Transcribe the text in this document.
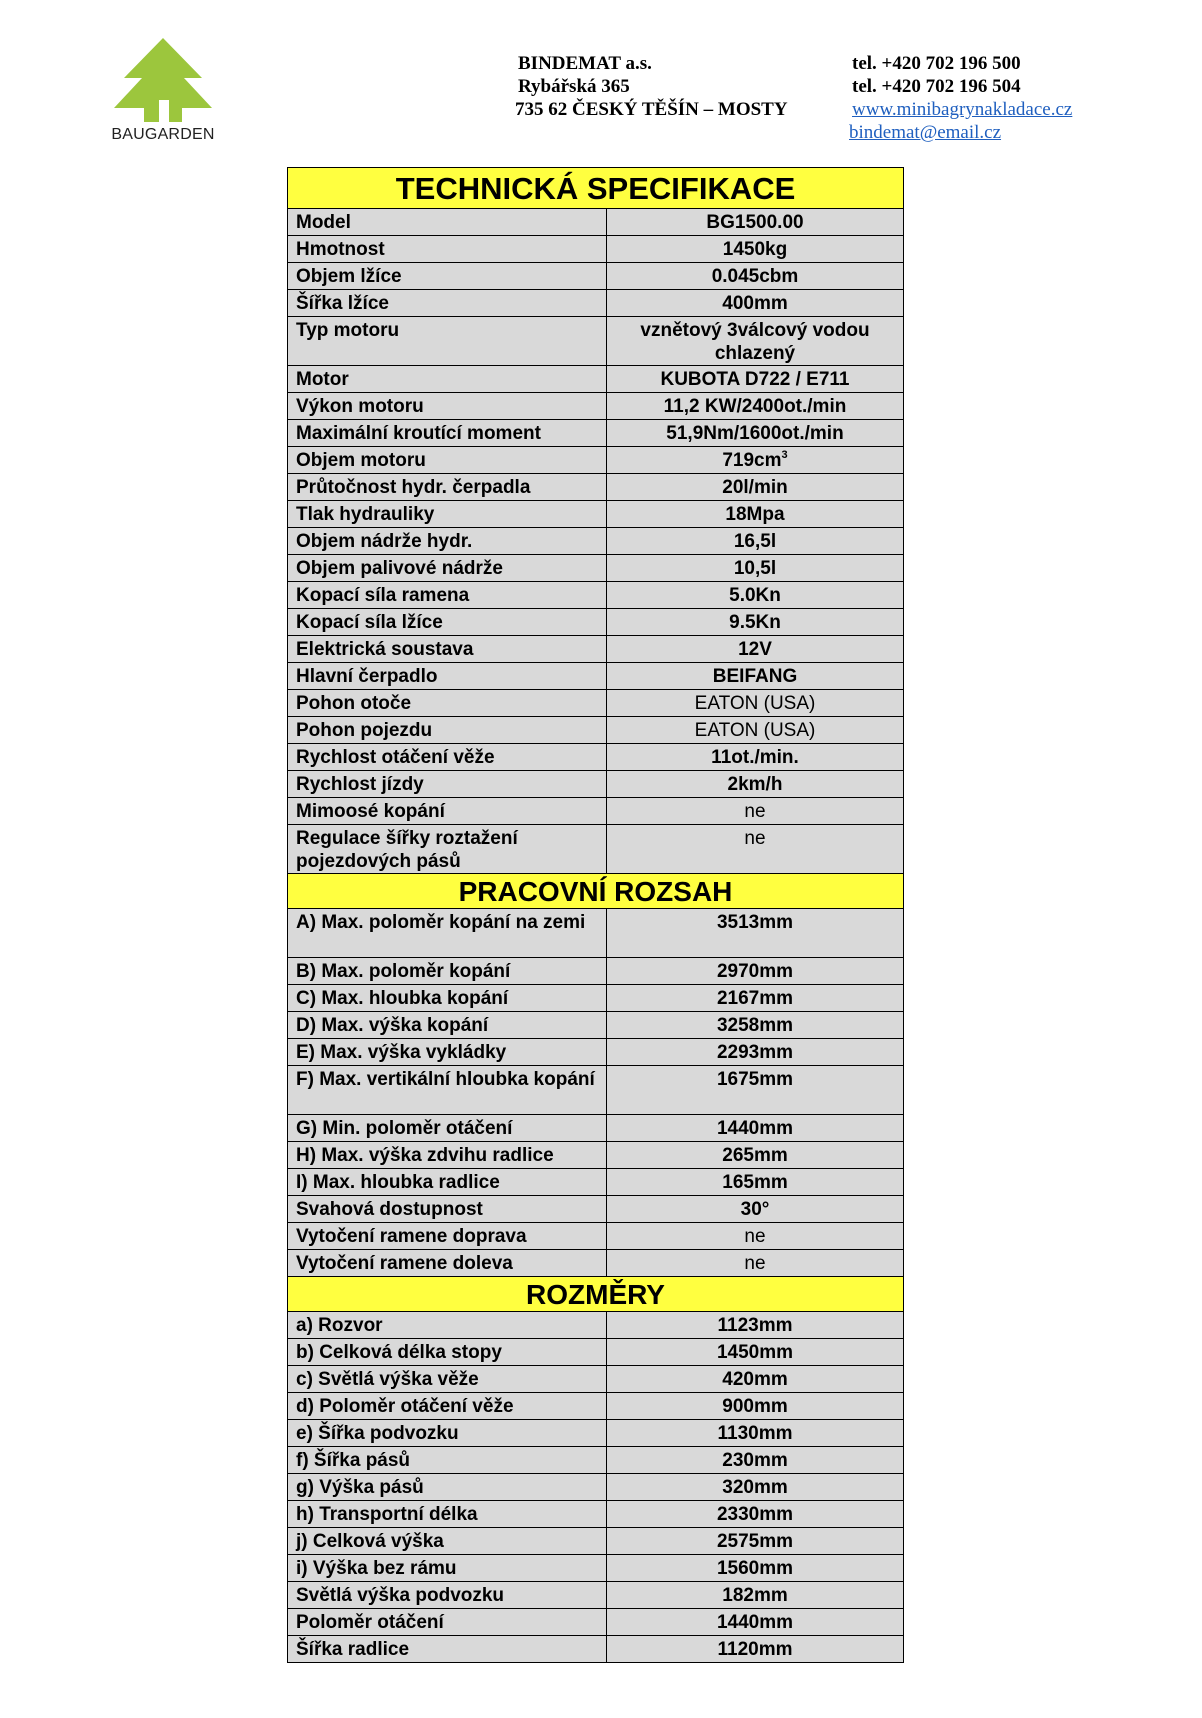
BAUGARDEN
BINDEMAT a.s.
Rybářská 365
735 62 ČESKÝ TĚŠÍN – MOSTY
tel. +420 702 196 500
tel. +420 702 196 504
www.minibagrynakladace.cz
bindemat@email.cz
TECHNICKÁ SPECIFIKACE	
Model	BG1500.00
Hmotnost	1450kg
Objem lžíce	0.045cbm
Šířka lžíce	400mm
Typ motoru	vznětový 3válcový vodou chlazený
Motor	KUBOTA D722 / E711
Výkon motoru	11,2 KW/2400ot./min
Maximální kroutící moment	51,9Nm/1600ot./min
Objem motoru	$719cm^3$
Průtočnost hydr. čerpadla	20l/min
Tlak hydrauliky	18Mpa
Objem nádrže hydr.	16,5l
Objem palivové nádrže	10,5l
Kopací síla ramena	5.0Kn
Kopací síla lžíce	9.5Kn
Elektrická soustava	12V
Hlavní čerpadlo	BEIFANG
Pohon otoče	EATON (USA)
Pohon pojezdu	EATON (USA)
Rychlost otáčení věže	11ot./min.
Rychlost jízdy	2km/h
Mimoosé kopání	ne
Regulace šířky roztažení pojezdových pásů	ne
PRACOVNÍ ROZSAH	
A) Max. poloměr kopání na zemi	3513mm
B) Max. poloměr kopání	2970mm
C) Max. hloubka kopání	2167mm
D) Max. výška kopání	3258mm
E) Max. výška vykládky	2293mm
F) Max. vertikální hloubka kopání	1675mm
G) Min. poloměr otáčení	1440mm
H) Max. výška zdvihu radlice	265mm
I) Max. hloubka radlice	165mm
Svahová dostupnost	30°
Vytočení ramene doprava	ne
Vytočení ramene doleva	ne
ROZMĚRY	
a) Rozvor	1123mm
b) Celková délka stopy	1450mm
c) Světlá výška věže	420mm
d) Poloměr otáčení věže	900mm
e) Šířka podvozku	1130mm
f) Šířka pásů	230mm
g) Výška pásů	320mm
h) Transportní délka	2330mm
j) Celková výška	2575mm
i) Výška bez rámu	1560mm
Světlá výška podvozku	182mm
Poloměr otáčení	1440mm
Šířka radlice	1120mm
